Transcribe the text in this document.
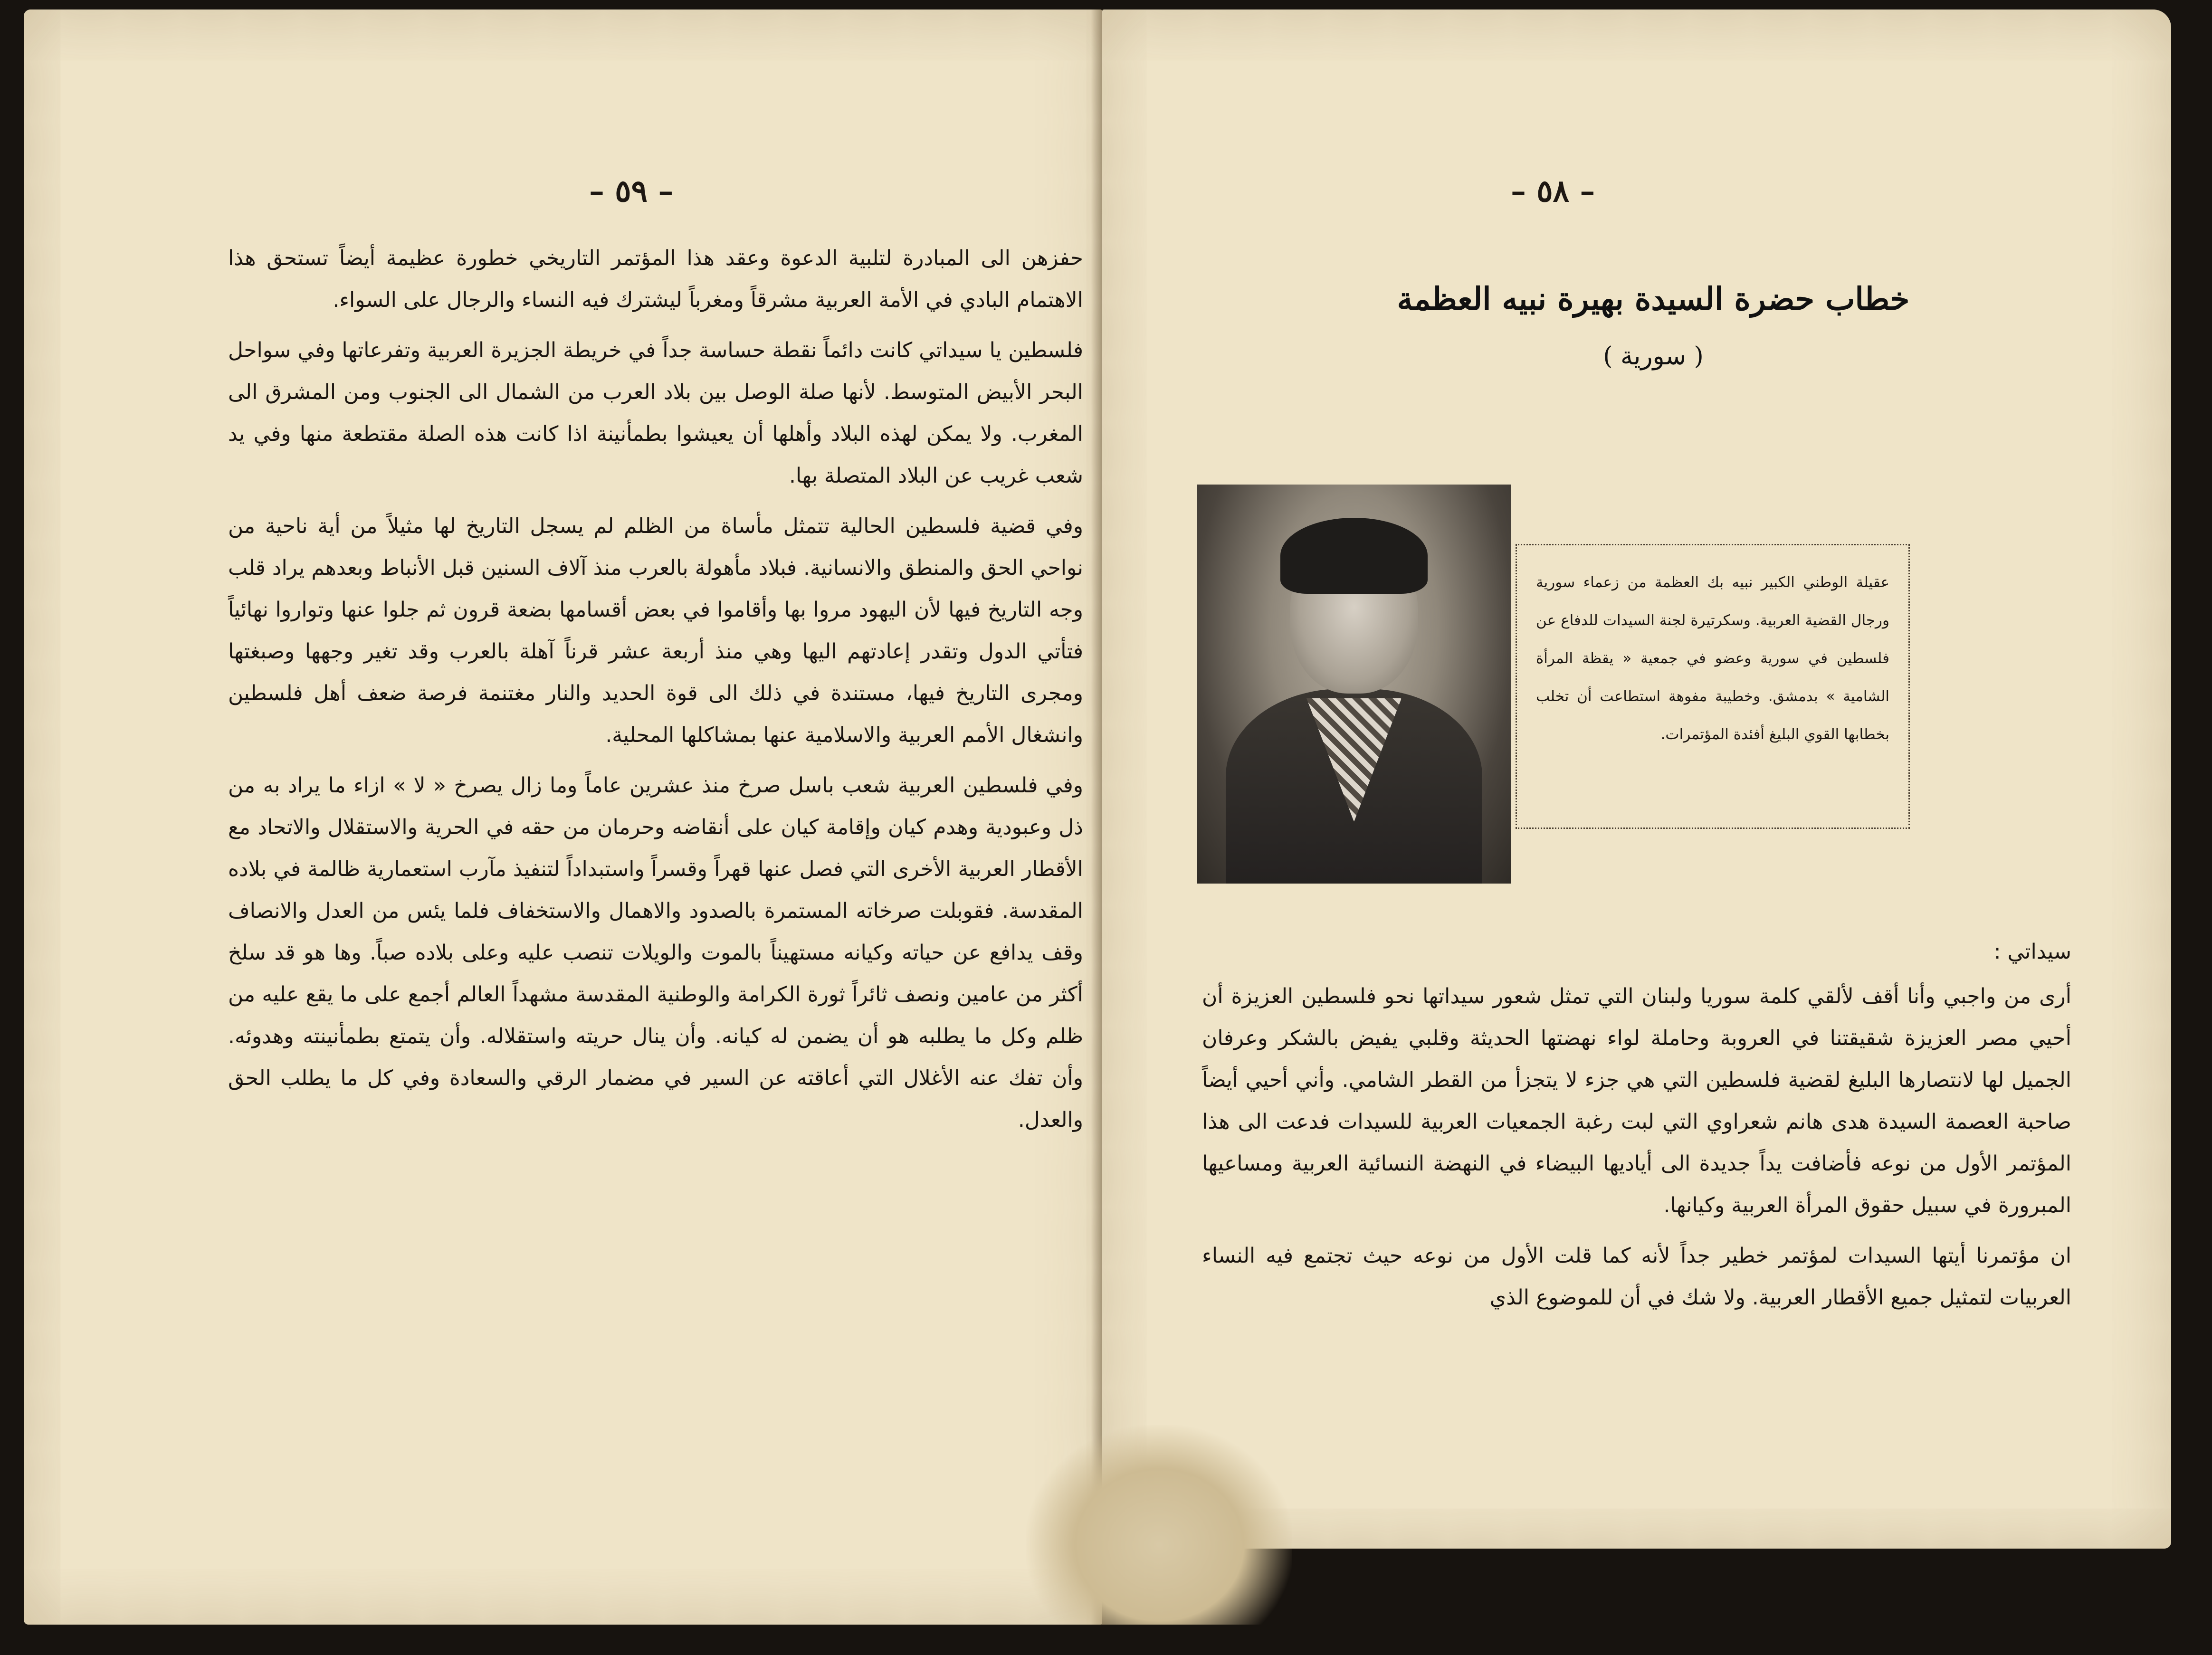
– ٥٩ –

حفزهن الى المبادرة لتلبية الدعوة وعقد هذا المؤتمر التاريخي خطورة عظيمة أيضاً تستحق هذا الاهتمام البادي في الأمة العربية مشرقاً ومغرباً ليشترك فيه النساء والرجال على السواء.

فلسطين يا سيداتي كانت دائماً نقطة حساسة جداً في خريطة الجزيرة العربية وتفرعاتها وفي سواحل البحر الأبيض المتوسط. لأنها صلة الوصل بين بلاد العرب من الشمال الى الجنوب ومن المشرق الى المغرب. ولا يمكن لهذه البلاد وأهلها أن يعيشوا بطمأنينة اذا كانت هذه الصلة مقتطعة منها وفي يد شعب غريب عن البلاد المتصلة بها.

وفي قضية فلسطين الحالية تتمثل مأساة من الظلم لم يسجل التاريخ لها مثيلاً من أية ناحية من نواحي الحق والمنطق والانسانية. فبلاد مأهولة بالعرب منذ آلاف السنين قبل الأنباط وبعدهم يراد قلب وجه التاريخ فيها لأن اليهود مروا بها وأقاموا في بعض أقسامها بضعة قرون ثم جلوا عنها وتواروا نهائياً فتأتي الدول وتقدر إعادتهم اليها وهي منذ أربعة عشر قرناً آهلة بالعرب وقد تغير وجهها وصبغتها ومجرى التاريخ فيها، مستندة في ذلك الى قوة الحديد والنار مغتنمة فرصة ضعف أهل فلسطين وانشغال الأمم العربية والاسلامية عنها بمشاكلها المحلية.

وفي فلسطين العربية شعب باسل صرخ منذ عشرين عاماً وما زال يصرخ « لا » ازاء ما يراد به من ذل وعبودية وهدم كيان وإقامة كيان على أنقاضه وحرمان من حقه في الحرية والاستقلال والاتحاد مع الأقطار العربية الأخرى التي فصل عنها قهراً وقسراً واستبداداً لتنفيذ مآرب استعمارية ظالمة في بلاده المقدسة. فقوبلت صرخاته المستمرة بالصدود والاهمال والاستخفاف فلما يئس من العدل والانصاف وقف يدافع عن حياته وكيانه مستهيناً بالموت والويلات تنصب عليه وعلى بلاده صباً. وها هو قد سلخ أكثر من عامين ونصف ثائراً ثورة الكرامة والوطنية المقدسة مشهداً العالم أجمع على ما يقع عليه من ظلم وكل ما يطلبه هو أن يضمن له كيانه. وأن ينال حريته واستقلاله. وأن يتمتع بطمأنينته وهدوئه. وأن تفك عنه الأغلال التي أعاقته عن السير في مضمار الرقي والسعادة وفي كل ما يطلب الحق والعدل.

– ٥٨ –
خطاب حضرة السيدة بهيرة نبيه العظمة
( سورية )
عقيلة الوطني الكبير نبيه بك العظمة من زعماء سورية ورجال القضية العربية. وسكرتيرة لجنة السيدات للدفاع عن فلسطين في سورية وعضو في جمعية « يقظة المرأة الشامية » بدمشق. وخطيبة مفوهة استطاعت أن تخلب بخطابها القوي البليغ أفئدة المؤتمرات.

سيداتي :

أرى من واجبي وأنا أقف لألقي كلمة سوريا ولبنان التي تمثل شعور سيداتها نحو فلسطين العزيزة أن أحيي مصر العزيزة شقيقتنا في العروبة وحاملة لواء نهضتها الحديثة وقلبي يفيض بالشكر وعرفان الجميل لها لانتصارها البليغ لقضية فلسطين التي هي جزء لا يتجزأ من القطر الشامي. وأني أحيي أيضاً صاحبة العصمة السيدة هدى هانم شعراوي التي لبت رغبة الجمعيات العربية للسيدات فدعت الى هذا المؤتمر الأول من نوعه فأضافت يداً جديدة الى أياديها البيضاء في النهضة النسائية العربية ومساعيها المبرورة في سبيل حقوق المرأة العربية وكيانها.

ان مؤتمرنا أيتها السيدات لمؤتمر خطير جداً لأنه كما قلت الأول من نوعه حيث تجتمع فيه النساء العربيات لتمثيل جميع الأقطار العربية. ولا شك في أن للموضوع الذي
